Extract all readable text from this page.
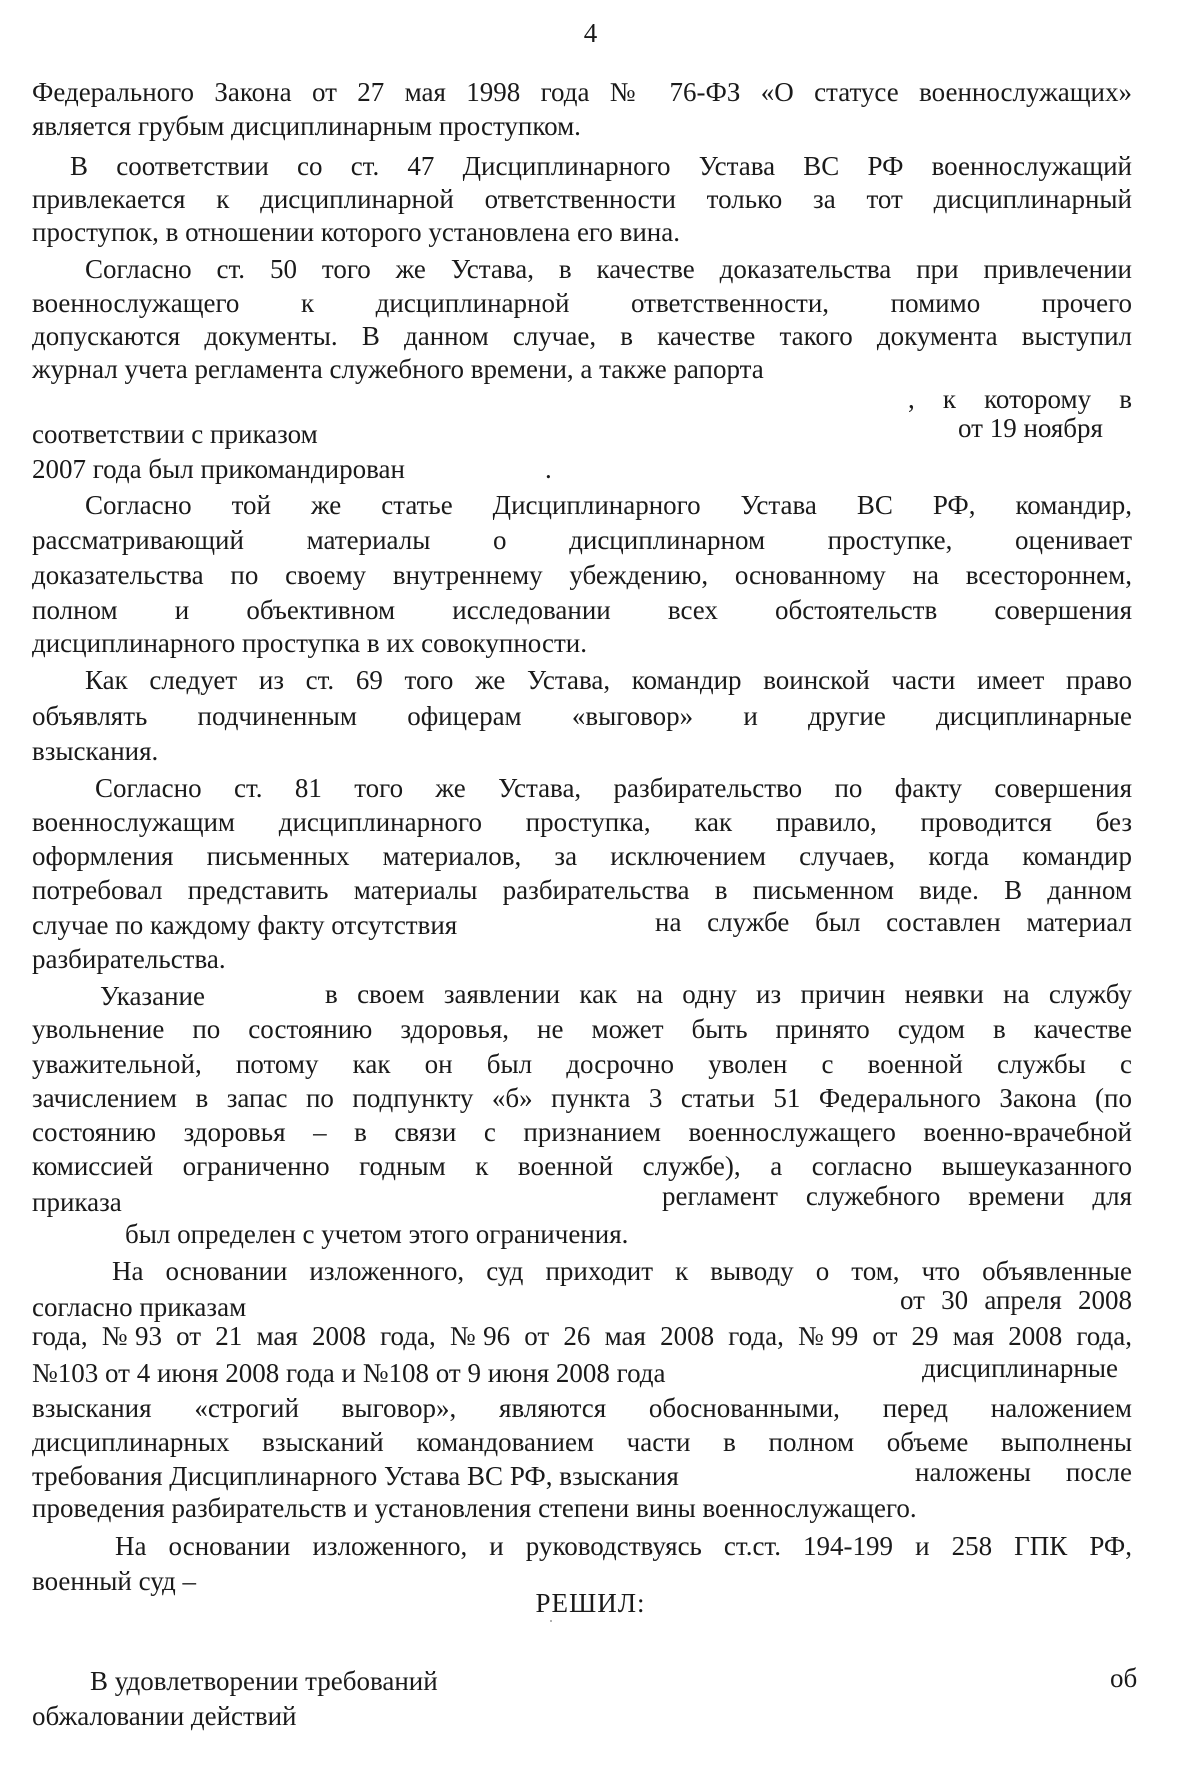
4
Федерального Закона от 27 мая 1998 года № 76-ФЗ «О статусе военнослужащих»
является грубым дисциплинарным проступком.
В соответствии со ст. 47 Дисциплинарного Устава ВС РФ военнослужащий
привлекается к дисциплинарной ответственности только за тот дисциплинарный
проступок, в отношении которого установлена его вина.
Согласно ст. 50 того же Устава, в качестве доказательства при привлечении
военнослужащего к дисциплинарной ответственности, помимо прочего
допускаются документы. В данном случае, в качестве такого документа выступил
журнал учета регламента служебного времени, а также рапорта
, к которому в
соответствии с приказом	от 19 ноября
2007 года был прикомандирован	.
Согласно той же статье Дисциплинарного Устава ВС РФ, командир,
рассматривающий материалы о дисциплинарном проступке, оценивает
доказательства по своему внутреннему убеждению, основанному на всестороннем,
полном и объективном исследовании всех обстоятельств совершения
дисциплинарного проступка в их совокупности.
Как следует из ст. 69 того же Устава, командир воинской части имеет право
объявлять подчиненным офицерам «выговор» и другие дисциплинарные
взыскания.
Согласно ст. 81 того же Устава, разбирательство по факту совершения
военнослужащим дисциплинарного проступка, как правило, проводится без
оформления письменных материалов, за исключением случаев, когда командир
потребовал представить материалы разбирательства в письменном виде. В данном
случае по каждому факту отсутствия	на службе был составлен материал
разбирательства.
Указание	в своем заявлении как на одну из причин неявки на службу
увольнение по состоянию здоровья, не может быть принято судом в качестве
уважительной, потому как он был досрочно уволен с военной службы с
зачислением в запас по подпункту «б» пункта 3 статьи 51 Федерального Закона (по
состоянию здоровья – в связи с признанием военнослужащего военно-врачебной
комиссией ограниченно годным к военной службе), а согласно вышеуказанного
приказа	регламент служебного времени для
был определен с учетом этого ограничения.
На основании изложенного, суд приходит к выводу о том, что объявленные
согласно приказам	от 30 апреля 2008
года, №93 от 21 мая 2008 года, №96 от 26 мая 2008 года, №99 от 29 мая 2008 года,
№103 от 4 июня 2008 года и №108 от 9 июня 2008 года	дисциплинарные
взыскания «строгий выговор», являются обоснованными, перед наложением
дисциплинарных взысканий командованием части в полном объеме выполнены
требования Дисциплинарного Устава ВС РФ, взыскания	наложены после
проведения разбирательств и установления степени вины военнослужащего.
На основании изложенного, и руководствуясь ст.ст. 194-199 и 258 ГПК РФ,
военный суд –
В удовлетворении требований	об
обжаловании действий
РЕШИЛ:
